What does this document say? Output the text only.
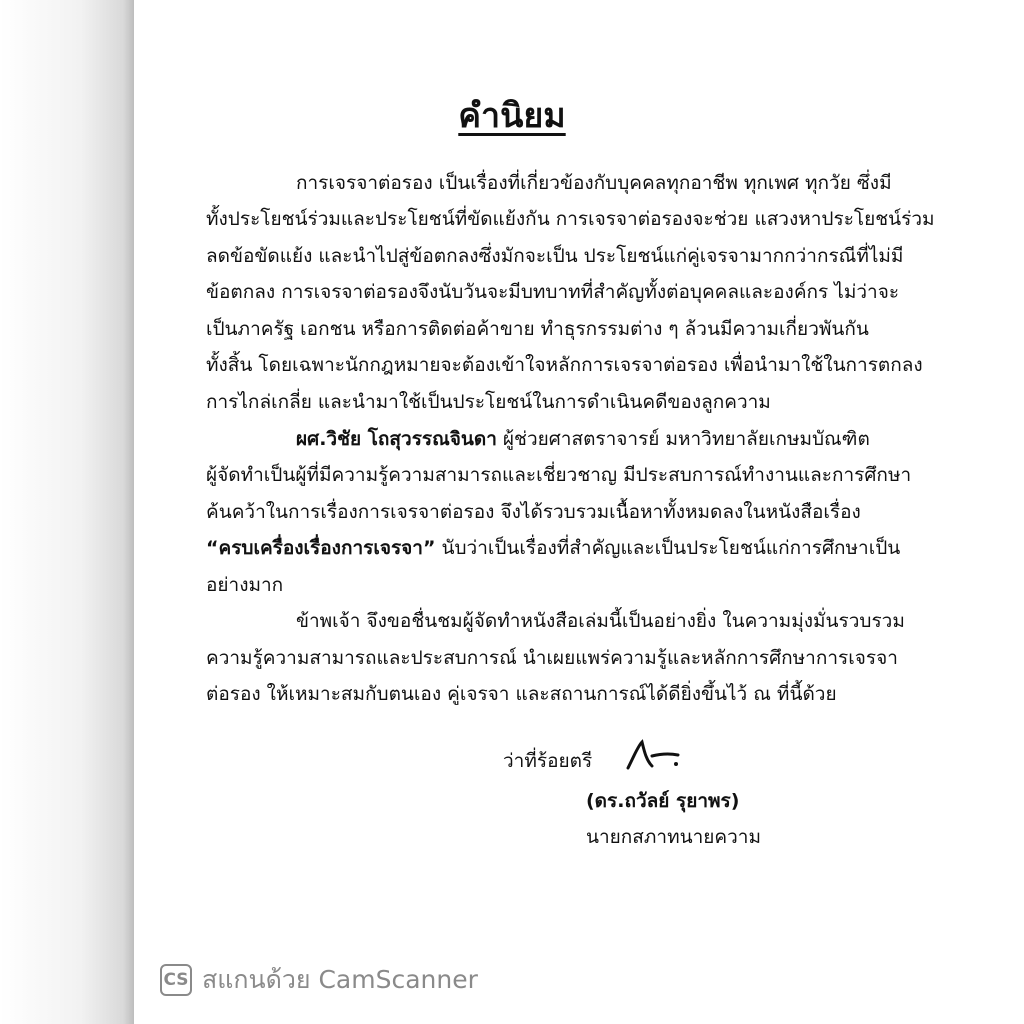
คำนิยม
การเจรจาต่อรอง เป็นเรื่องที่เกี่ยวข้องกับบุคคลทุกอาชีพ ทุกเพศ ทุกวัย ซึ่งมี
ทั้งประโยชน์ร่วมและประโยชน์ที่ขัดแย้งกัน การเจรจาต่อรองจะช่วย แสวงหาประโยชน์ร่วม
ลดข้อขัดแย้ง และนำไปสู่ข้อตกลงซึ่งมักจะเป็น ประโยชน์แก่คู่เจรจามากกว่ากรณีที่ไม่มี
ข้อตกลง การเจรจาต่อรองจึงนับวันจะมีบทบาทที่สำคัญทั้งต่อบุคคลและองค์กร ไม่ว่าจะ
เป็นภาครัฐ เอกชน หรือการติดต่อค้าขาย ทำธุรกรรมต่าง ๆ ล้วนมีความเกี่ยวพันกัน
ทั้งสิ้น โดยเฉพาะนักกฎหมายจะต้องเข้าใจหลักการเจรจาต่อรอง เพื่อนำมาใช้ในการตกลง
การไกล่เกลี่ย และนำมาใช้เป็นประโยชน์ในการดำเนินคดีของลูกความ
ผศ.วิชัย โถสุวรรณจินดา ผู้ช่วยศาสตราจารย์ มหาวิทยาลัยเกษมบัณฑิต
ผู้จัดทำเป็นผู้ที่มีความรู้ความสามารถและเชี่ยวชาญ มีประสบการณ์ทำงานและการศึกษา
ค้นคว้าในการเรื่องการเจรจาต่อรอง จึงได้รวบรวมเนื้อหาทั้งหมดลงในหนังสือเรื่อง
“ครบเครื่องเรื่องการเจรจา” นับว่าเป็นเรื่องที่สำคัญและเป็นประโยชน์แก่การศึกษาเป็น
อย่างมาก
ข้าพเจ้า จึงขอชื่นชมผู้จัดทำหนังสือเล่มนี้เป็นอย่างยิ่ง ในความมุ่งมั่นรวบรวม
ความรู้ความสามารถและประสบการณ์ นำเผยแพร่ความรู้และหลักการศึกษาการเจรจา
ต่อรอง ให้เหมาะสมกับตนเอง คู่เจรจา และสถานการณ์ได้ดียิ่งขึ้นไว้ ณ ที่นี้ด้วย
ว่าที่ร้อยตรี
(ดร.ถวัลย์ รุยาพร)
นายกสภาทนายความ
CS สแกนด้วย CamScanner
